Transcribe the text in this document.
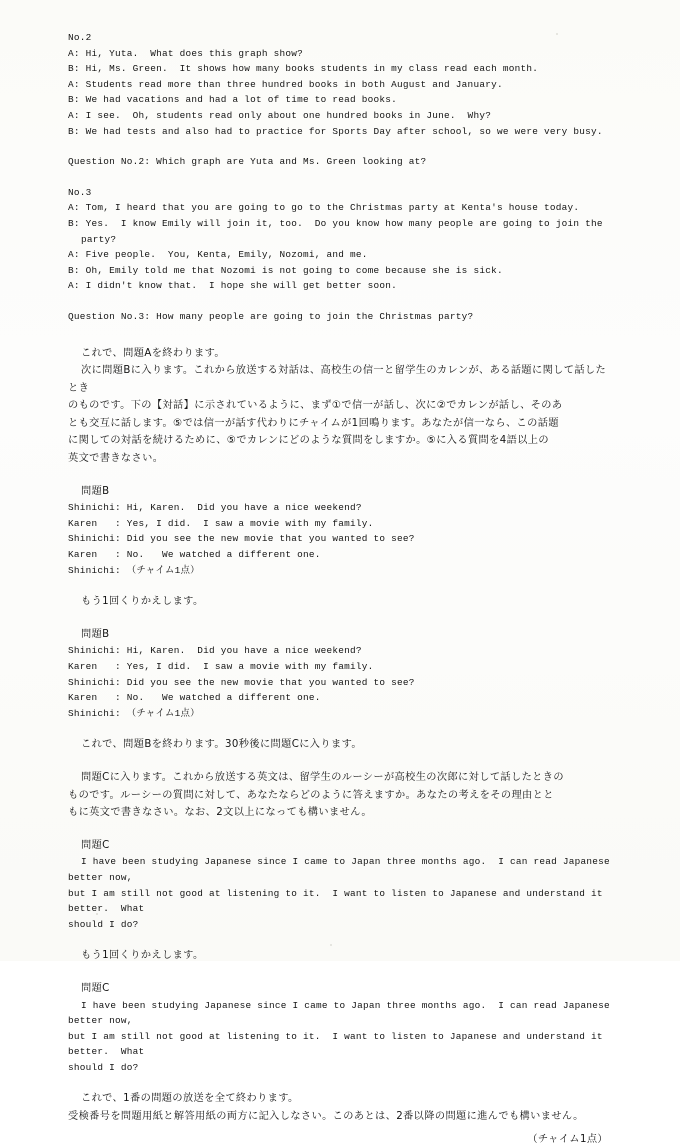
No.2
A: Hi, Yuta.  What does this graph show?
B: Hi, Ms. Green.  It shows how many books students in my class read each month.
A: Students read more than three hundred books in both August and January.
B: We had vacations and had a lot of time to read books.
A: I see.  Oh, students read only about one hundred books in June.  Why?
B: We had tests and also had to practice for Sports Day after school, so we were very busy.
Question No.2: Which graph are Yuta and Ms. Green looking at?
No.3
A: Tom, I heard that you are going to go to the Christmas party at Kenta's house today.
B: Yes.  I know Emily will join it, too.  Do you know how many people are going to join the party?
A: Five people.  You, Kenta, Emily, Nozomi, and me.
B: Oh, Emily told me that Nozomi is not going to come because she is sick.
A: I didn't know that.  I hope she will get better soon.
Question No.3: How many people are going to join the Christmas party?
これで、問題Aを終わります。
次に問題Bに入ります。これから放送する対話は、高校生の信一と留学生のカレンが、ある話題に関して話したとき
のものです。下の【対話】に示されているように、まず①で信一が話し、次に②でカレンが話し、そのあ
とも交互に話します。⑤では信一が話す代わりにチャイムが1回鳴ります。あなたが信一なら、この話題
に関しての対話を続けるために、⑤でカレンにどのような質問をしますか。⑤に入る質問を4語以上の
英文で書きなさい。
問題B
Shinichi: Hi, Karen.  Did you have a nice weekend?
Karen   : Yes, I did.  I saw a movie with my family.
Shinichi: Did you see the new movie that you wanted to see?
Karen   : No.   We watched a different one.
Shinichi: （チャイム1点）
もう1回くりかえします。
問題B
Shinichi: Hi, Karen.  Did you have a nice weekend?
Karen   : Yes, I did.  I saw a movie with my family.
Shinichi: Did you see the new movie that you wanted to see?
Karen   : No.   We watched a different one.
Shinichi: （チャイム1点）
これで、問題Bを終わります。30秒後に問題Cに入ります。
問題Cに入ります。これから放送する英文は、留学生のルーシーが高校生の次郎に対して話したときの
ものです。ルーシーの質問に対して、あなたならどのように答えますか。あなたの考えをその理由とと
もに英文で書きなさい。なお、2文以上になっても構いません。
問題C
I have been studying Japanese since I came to Japan three months ago.  I can read Japanese better now,
but I am still not good at listening to it.  I want to listen to Japanese and understand it better.  What
should I do?
もう1回くりかえします。
問題C
I have been studying Japanese since I came to Japan three months ago.  I can read Japanese better now,
but I am still not good at listening to it.  I want to listen to Japanese and understand it better.  What
should I do?
これで、1番の問題の放送を全て終わります。
受検番号を問題用紙と解答用紙の両方に記入しなさい。このあとは、2番以降の問題に進んでも構いません。
（チャイム1点）
